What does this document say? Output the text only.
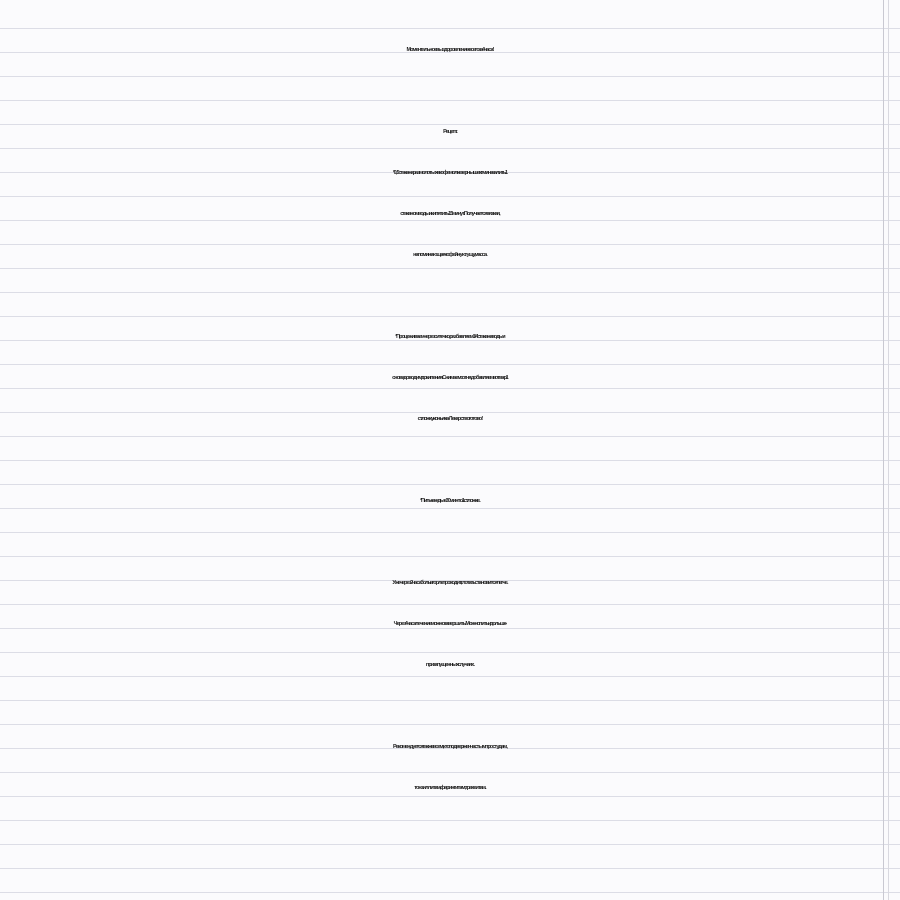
Моментальное выздоровление - всего за 4 часа!

Рецепт.

* 0,5 стакана размолотых в кофемолке зернышек тмина залить 1
стаканом воды и кипятить 15 минут. Получается вязкая,
напоминающая кофейную гущу, масса.

* Процеживаем через ситечко, разбавляем 1/4 стакана воды и
снова доводим до кипения. Снимаем с огня, добавляем в отвар 1
ст. ложку коньяка. Лекарство готово!

* Пить каждые 30 мин по 1 ст. ложке.

Уже через 2 часа боль в горле проходит, глотать становится легче.
Через 4 часа лечение можно завершить. Можно пить и дольше -
при запущенных случаях.

Рекомендуется также всем, кто подвержен частым простудам,
тонзиллитам, фарингитам, трахеитам.
